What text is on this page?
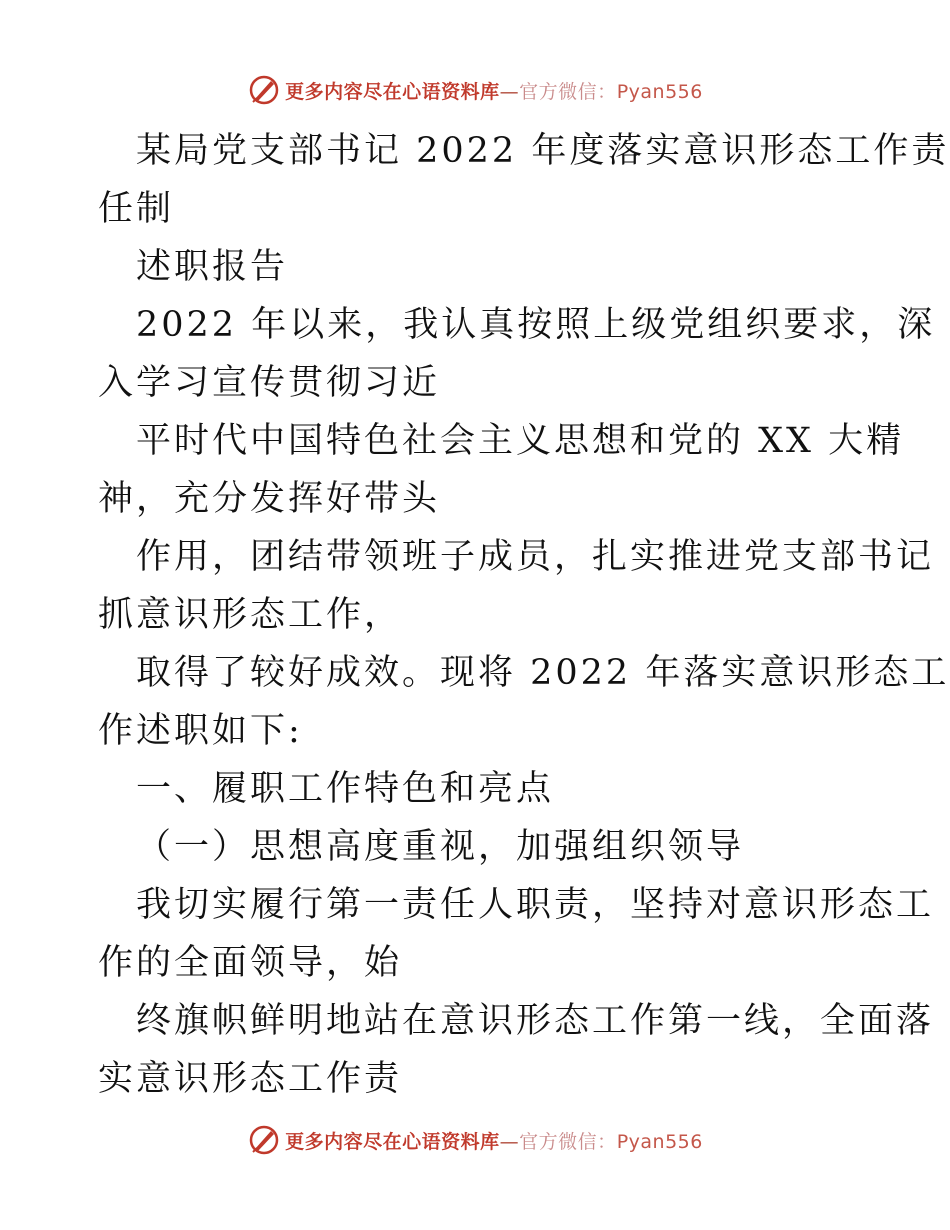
更多内容尽在心语资料库—官方微信：Pyan556
某局党支部书记 2022 年度落实意识形态工作责
任制
述职报告
2022 年以来，我认真按照上级党组织要求，深
入学习宣传贯彻习近
平时代中国特色社会主义思想和党的 XX 大精
神，充分发挥好带头
作用，团结带领班子成员，扎实推进党支部书记
抓意识形态工作，
取得了较好成效。现将 2022 年落实意识形态工
作述职如下:
一、履职工作特色和亮点
（一）思想高度重视，加强组织领导
我切实履行第一责任人职责，坚持对意识形态工
作的全面领导，始
终旗帜鲜明地站在意识形态工作第一线，全面落
实意识形态工作责
更多内容尽在心语资料库—官方微信：Pyan556
